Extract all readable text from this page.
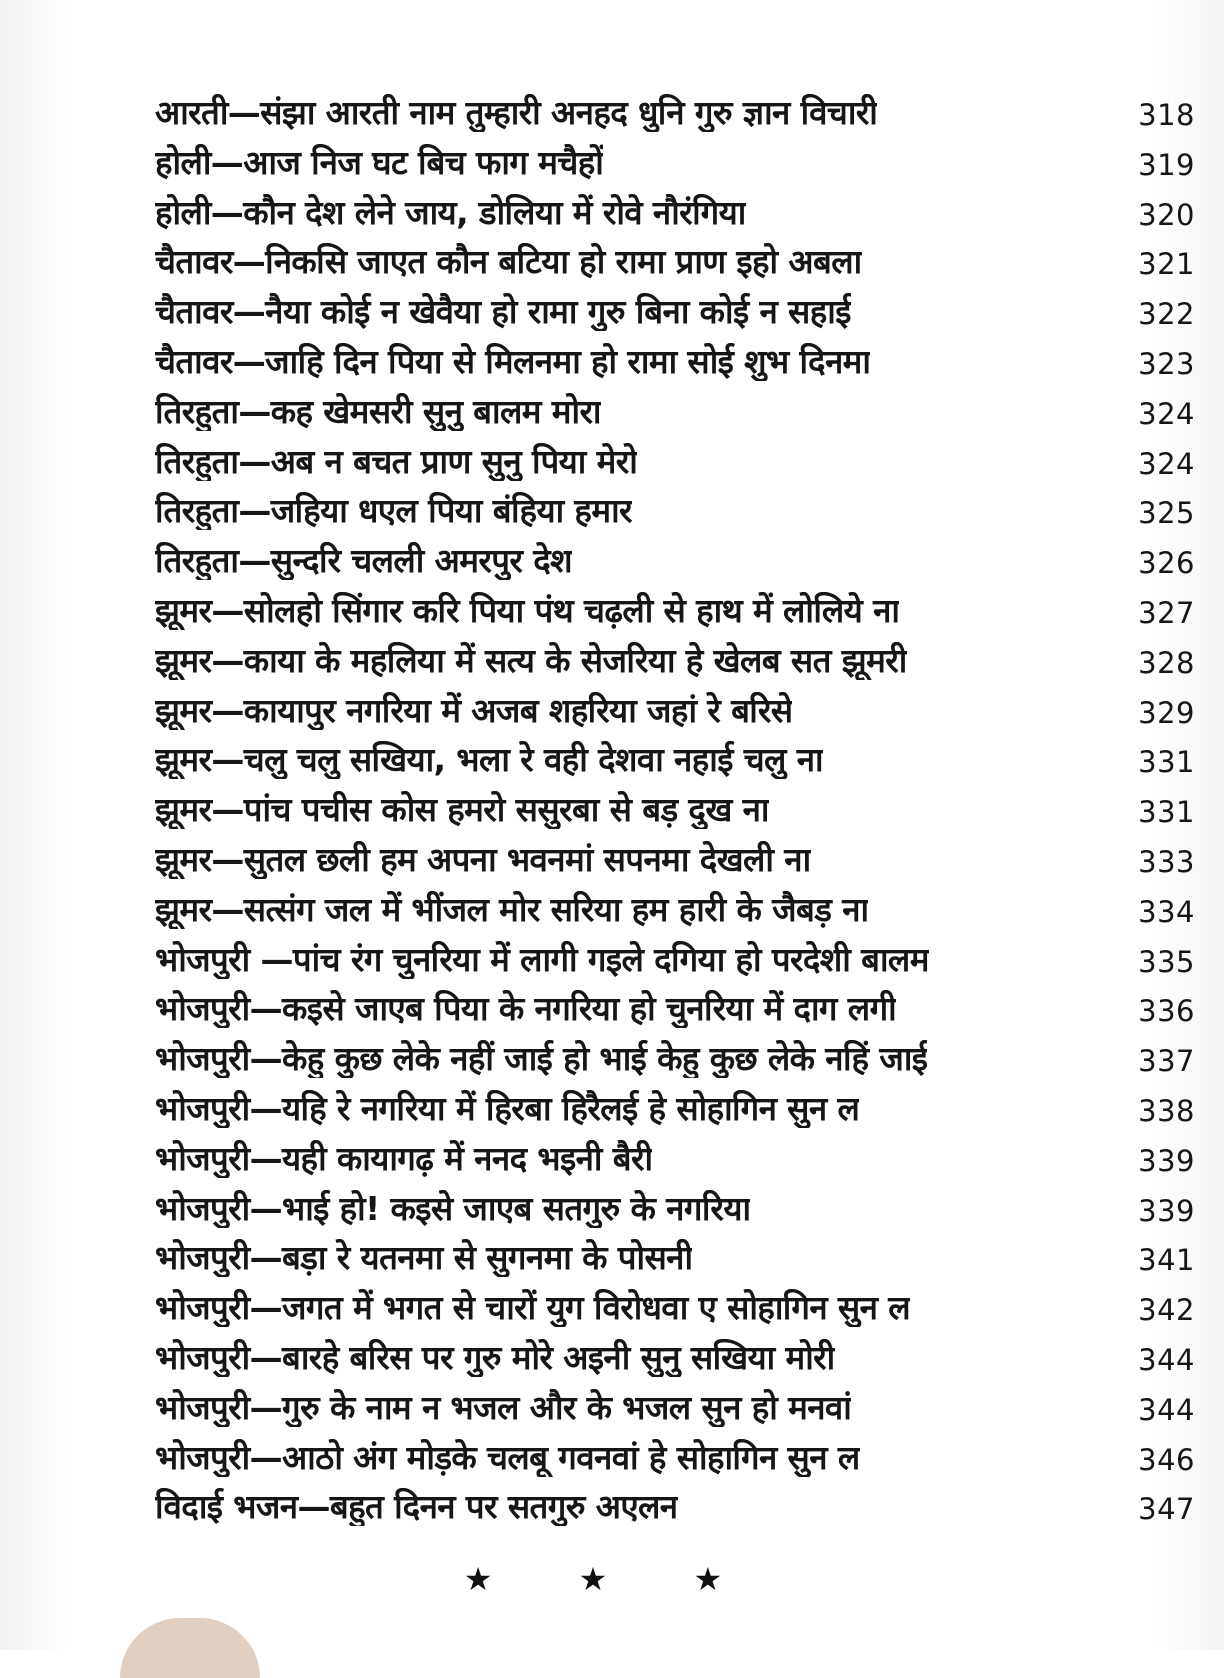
आरती—संझा आरती नाम तुम्हारी अनहद धुनि गुरु ज्ञान विचारी	318
होली—आज निज घट बिच फाग मचैहों	319
होली—कौन देश लेने जाय, डोलिया में रोवे नौरंगिया	320
चैतावर—निकसि जाएत कौन बटिया हो रामा प्राण इहो अबला	321
चैतावर—नैया कोई न खेवैया हो रामा गुरु बिना कोई न सहाई	322
चैतावर—जाहि दिन पिया से मिलनमा हो रामा सोई शुभ दिनमा	323
तिरहुता—कह खेमसरी सुनु बालम मोरा	324
तिरहुता—अब न बचत प्राण सुनु पिया मेरो	324
तिरहुता—जहिया धएल पिया बंहिया हमार	325
तिरहुता—सुन्दरि चलली अमरपुर देश	326
झूमर—सोलहो सिंगार करि पिया पंथ चढ़ली से हाथ में लोलिये ना	327
झूमर—काया के महलिया में सत्य के सेजरिया हे खेलब सत झूमरी	328
झूमर—कायापुर नगरिया में अजब शहरिया जहां रे बरिसे	329
झूमर—चलु चलु सखिया, भला रे वही देशवा नहाई चलु ना	331
झूमर—पांच पचीस कोस हमरो ससुरबा से बड़ दुख ना	331
झूमर—सुतल छली हम अपना भवनमां सपनमा देखली ना	333
झूमर—सत्संग जल में भींजल मोर सरिया हम हारी के जैबड़ ना	334
भोजपुरी —पांच रंग चुनरिया में लागी गइले दगिया हो परदेशी बालम	335
भोजपुरी—कइसे जाएब पिया के नगरिया हो चुनरिया में दाग लगी	336
भोजपुरी—केहु कुछ लेके नहीं जाई हो भाई केहु कुछ लेके नहिं जाई	337
भोजपुरी—यहि रे नगरिया में हिरबा हिरैलई हे सोहागिन सुन ल	338
भोजपुरी—यही कायागढ़ में ननद भइनी बैरी	339
भोजपुरी—भाई हो! कइसे जाएब सतगुरु के नगरिया	339
भोजपुरी—बड़ा रे यतनमा से सुगनमा के पोसनी	341
भोजपुरी—जगत में भगत से चारों युग विरोधवा ए सोहागिन सुन ल	342
भोजपुरी—बारहे बरिस पर गुरु मोरे अइनी सुनु सखिया मोरी	344
भोजपुरी—गुरु के नाम न भजल और के भजल सुन हो मनवां	344
भोजपुरी—आठो अंग मोड़के चलबू गवनवां हे सोहागिन सुन ल	346
विदाई भजन—बहुत दिनन पर सतगुरु अएलन	347
★ ★ ★
